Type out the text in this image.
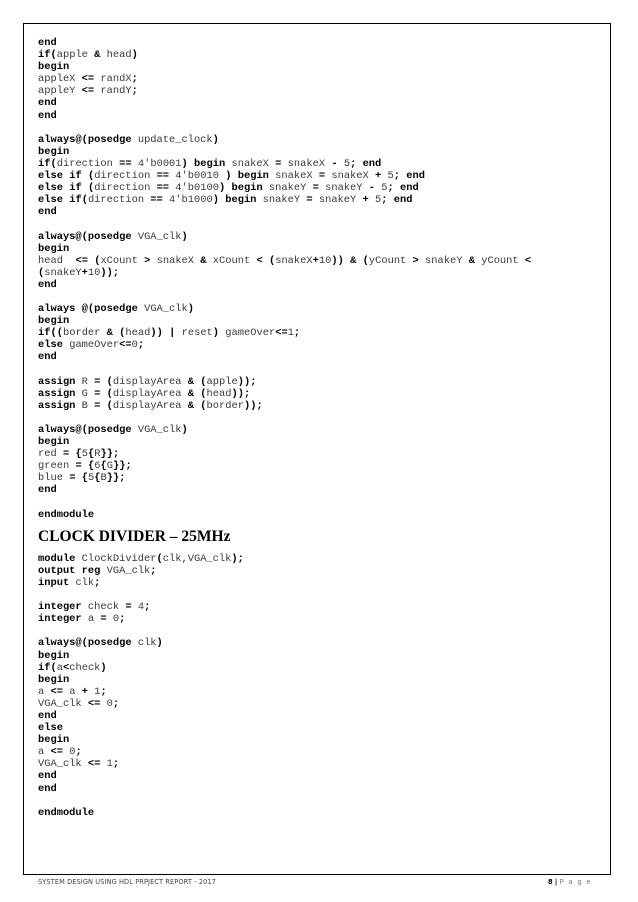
end
if(apple & head)
begin
appleX <= randX;
appleY <= randY;
end
end
always@(posedge update_clock)
begin
if(direction == 4'b0001) begin snakeX = snakeX - 5; end
else if (direction == 4'b0010 ) begin snakeX = snakeX + 5; end
else if (direction == 4'b0100) begin snakeY = snakeY - 5; end
else if(direction == 4'b1000) begin snakeY = snakeY + 5; end
end
always@(posedge VGA_clk)
begin
head <= (xCount > snakeX & xCount < (snakeX+10)) & (yCount > snakeY & yCount <
(snakeY+10));
end
always @(posedge VGA_clk)
begin
if((border & (head)) | reset) gameOver<=1;
else gameOver<=0;
end
assign R = (displayArea & (apple));
assign G = (displayArea & (head));
assign B = (displayArea & (border));
always@(posedge VGA_clk)
begin
red = {5{R}};
green = {6{G}};
blue = {5{B}};
end
endmodule
CLOCK DIVIDER – 25MHz
module ClockDivider(clk,VGA_clk);
output reg VGA_clk;
input clk;
integer check = 4;
integer a = 0;
always@(posedge clk)
begin
if(a<check)
begin
a <= a + 1;
VGA_clk <= 0;
end
else
begin
a <= 0;
VGA_clk <= 1;
end
end
endmodule
SYSTEM DESIGN USING HDL PRPJECT REPORT - 2017	8 | P a g e
